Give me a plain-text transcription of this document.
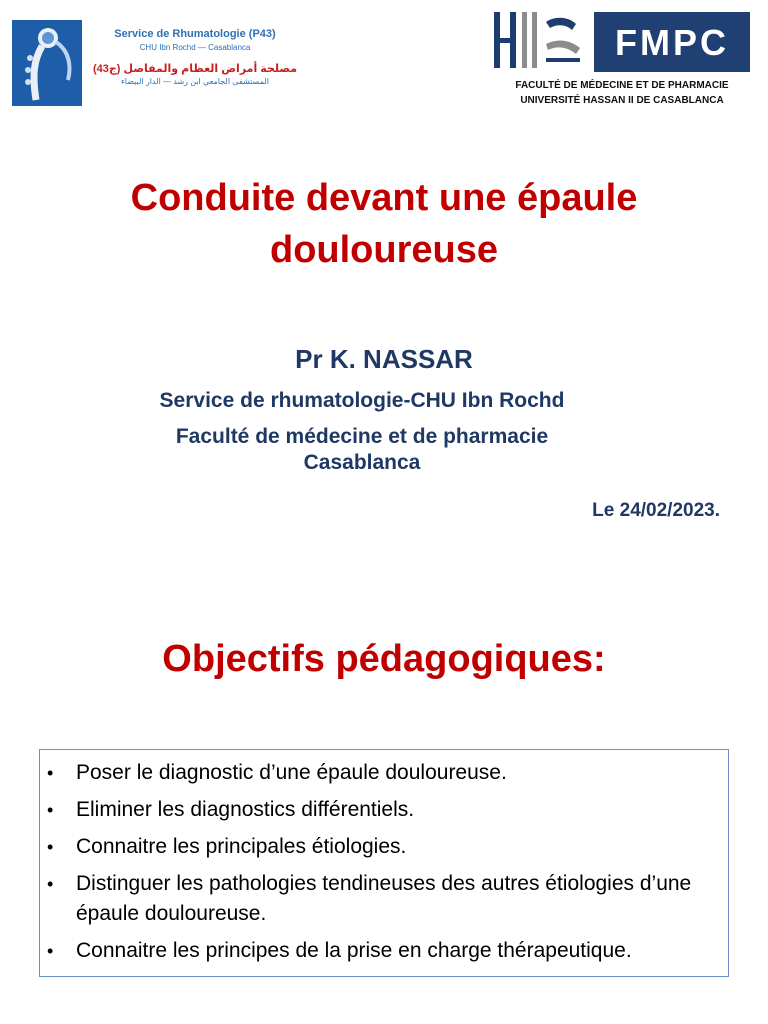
Service de Rhumatologie (P43)
CHU Ibn Rochd — Casablanca
مصلحة أمراض العظام والمفاصل (ج43)
المستشفى الجامعي ابن رشد — الدار البيضاء
FMPC
FACULTÉ DE MÉDECINE ET DE PHARMACIE
UNIVERSITÉ HASSAN II DE CASABLANCA
Conduite devant une épaule
douloureuse
Pr K. NASSAR
Service de rhumatologie-CHU Ibn Rochd
Faculté de médecine et de pharmacie
Casablanca
Le 24/02/2023.
Objectifs pédagogiques:
• Poser le diagnostic d’une épaule douloureuse.
• Eliminer les diagnostics différentiels.
• Connaitre les principales étiologies.
• Distinguer les pathologies tendineuses des autres étiologies d’une épaule douloureuse.
• Connaitre les principes de la prise en charge thérapeutique.
